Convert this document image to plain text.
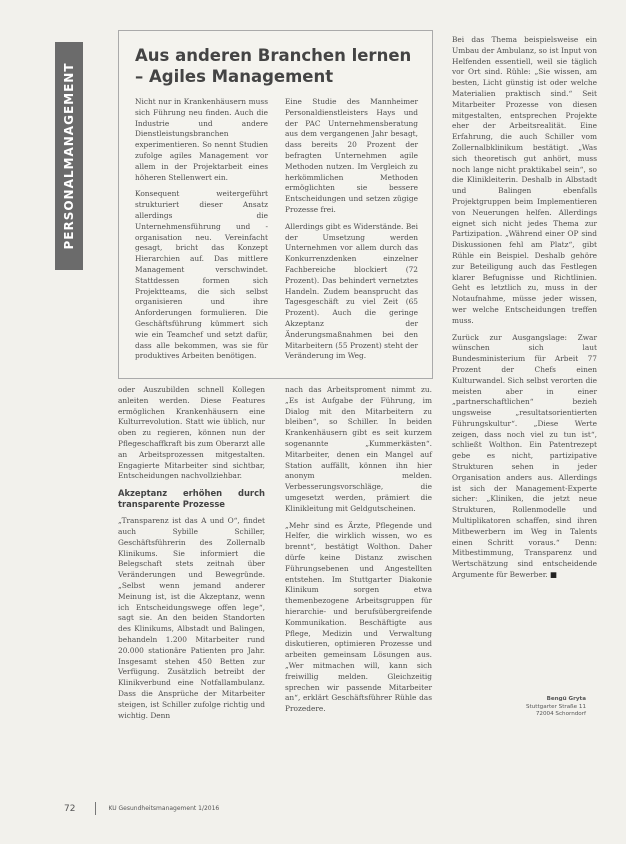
PERSONALMANAGEMENT
Aus anderen Branchen lernen – Agiles Management

Nicht nur in Krankenhäusern muss sich Führung neu finden. Auch die Industrie und andere Dienstleistungsbranchen experimentieren. So nennt Studien zufolge agiles Management vor allem in der Projektarbeit eines höheren Stellenwert ein.

Konsequent weitergeführt strukturiert dieser Ansatz allerdings die Unternehmensführung und -organisation neu. Vereinfacht gesagt, bricht das Konzept Hierarchien auf. Das mittlere Management verschwindet. Stattdessen formen sich Projektteams, die sich selbst organisieren und ihre Anforderungen formulieren. Die Geschäftsführung kümmert sich wie ein Teamchef und setzt dafür, dass alle bekommen, was sie für produktives Arbeiten benötigen.

Eine Studie des Mannheimer Personaldienstleisters Hays und der PAC Unternehmensberatung aus dem vergangenen Jahr besagt, dass bereits 20 Prozent der befragten Unternehmen agile Methoden nutzen. Im Vergleich zu herkömmlichen Methoden ermöglichten sie bessere Entscheidungen und setzen zügige Prozesse frei.

Allerdings gibt es Widerstände. Bei der Umsetzung werden Unternehmen vor allem durch das Konkurrenzdenken einzelner Fachbereiche blockiert (72 Prozent). Das behindert vernetztes Handeln. Zudem beansprucht das Tagesgeschäft zu viel Zeit (65 Prozent). Auch die geringe Akzeptanz der Änderungsmaßnahmen bei den Mitarbeitern (55 Prozent) steht der Veränderung im Weg.

oder Auszubilden schnell Kollegen anleiten werden. Diese Features ermöglichen Krankenhäusern eine Kulturrevolution. Statt wie üblich, nur oben zu regieren, können nun der Pflegeschaffkraft bis zum Oberarzt alle an Arbeitsprozessen mitgestalten. Engagierte Mitarbeiter sind sichtbar, Entscheidungen nachvollziehbar.

Akzeptanz erhöhen durch transparente Prozesse

„Transparenz ist das A und O“, findet auch Sybille Schiller, Geschäftsführerin des Zollernalb Klinikums. Sie informiert die Belegschaft stets zeitnah über Veränderungen und Bewegründe. „Selbst wenn jemand anderer Meinung ist, ist die Akzeptanz, wenn ich Entscheidungswege offen lege“, sagt sie. An den beiden Standorten des Klinikums, Albstadt und Balingen, behandeln 1.200 Mitarbeiter rund 20.000 stationäre Patienten pro Jahr. Insgesamt stehen 450 Betten zur Verfügung. Zusätzlich betreibt der Klinikverbund eine Notfallambulanz. Dass die Ansprüche der Mitarbeiter steigen, ist Schiller zufolge richtig und wichtig. Denn

nach das Arbeitsproment nimmt zu. „Es ist Aufgabe der Führung, im Dialog mit den Mitarbeitern zu bleiben“, so Schiller. In beiden Krankenhäusern gibt es seit kurzem sogenannte „Kummerkästen“. Mitarbeiter, denen ein Mangel auf Station auffällt, können ihn hier anonym melden. Verbesserungsvorschläge, die umgesetzt werden, prämiert die Klinikleitung mit Geldgutscheinen.

„Mehr sind es Ärzte, Pflegende und Helfer, die wirklich wissen, wo es brennt“, bestätigt Wolthon. Daher dürfe keine Distanz zwischen Führungsebenen und Angestellten entstehen. Im Stuttgarter Diakonie Klinikum sorgen etwa themenbezogene Arbeitsgruppen für hierarchie- und berufsübergreifende Kommunikation. Beschäftigte aus Pflege, Medizin und Verwaltung diskutieren, optimieren Prozesse und arbeiten gemeinsam Lösungen aus. „Wer mitmachen will, kann sich freiwillig melden. Gleichzeitig sprechen wir passende Mitarbeiter an“, erklärt Geschäftsführer Rühle das Prozedere.

Bei das Thema beispielsweise ein Umbau der Ambulanz, so ist Input von Helfenden essentiell, weil sie täglich vor Ort sind. Rühle: „Sie wissen, am besten, Licht günstig ist oder welche Materialien praktisch sind.“ Seit Mitarbeiter Prozesse von diesen mitgestalten, entsprechen Projekte eher der Arbeitsrealität. Eine Erfahrung, die auch Schiller vom Zollernalbklinikum bestätigt. „Was sich theoretisch gut anhört, muss noch lange nicht praktikabel sein“, so die Klinikleiterin. Deshalb in Albstadt und Balingen ebenfalls Projektgruppen beim Implementieren von Neuerungen helfen. Allerdings eignet sich nicht jedes Thema zur Partizipation. „Während einer OP sind Diskussionen fehl am Platz“, gibt Rühle ein Beispiel. Deshalb gehöre zur Beteiligung auch das Festlegen klarer Befugnisse und Richtlinien. Geht es letztlich zu, muss in der Notaufnahme, müsse jeder wissen, wer welche Entscheidungen treffen muss.

Zurück zur Ausgangslage: Zwar wünschen sich laut Bundesministerium für Arbeit 77 Prozent der Chefs einen Kulturwandel. Sich selbst verorten die meisten aber in einer „partnerschaftlichen“ bezieh ungsweise „resultatsorientierten Führungskultur“. „Diese Werte zeigen, dass noch viel zu tun ist“, schließt Wolthon. Ein Patentrezept gebe es nicht, partizipative Strukturen sehen in jeder Organisation anders aus. Allerdings ist sich der Management-Experte sicher: „Kliniken, die jetzt neue Strukturen, Rollenmodelle und Multiplikatoren schaffen, sind ihren Mitbewerbern im Weg in Talents einen Schritt voraus.“ Denn: Mitbestimmung, Transparenz und Wertschätzung sind entscheidende Argumente für Bewerber. ■

Bengü Gryta
Stuttgarter Straße 11
72004 Schorndorf
72	KU Gesundheitsmanagement 1/2016
